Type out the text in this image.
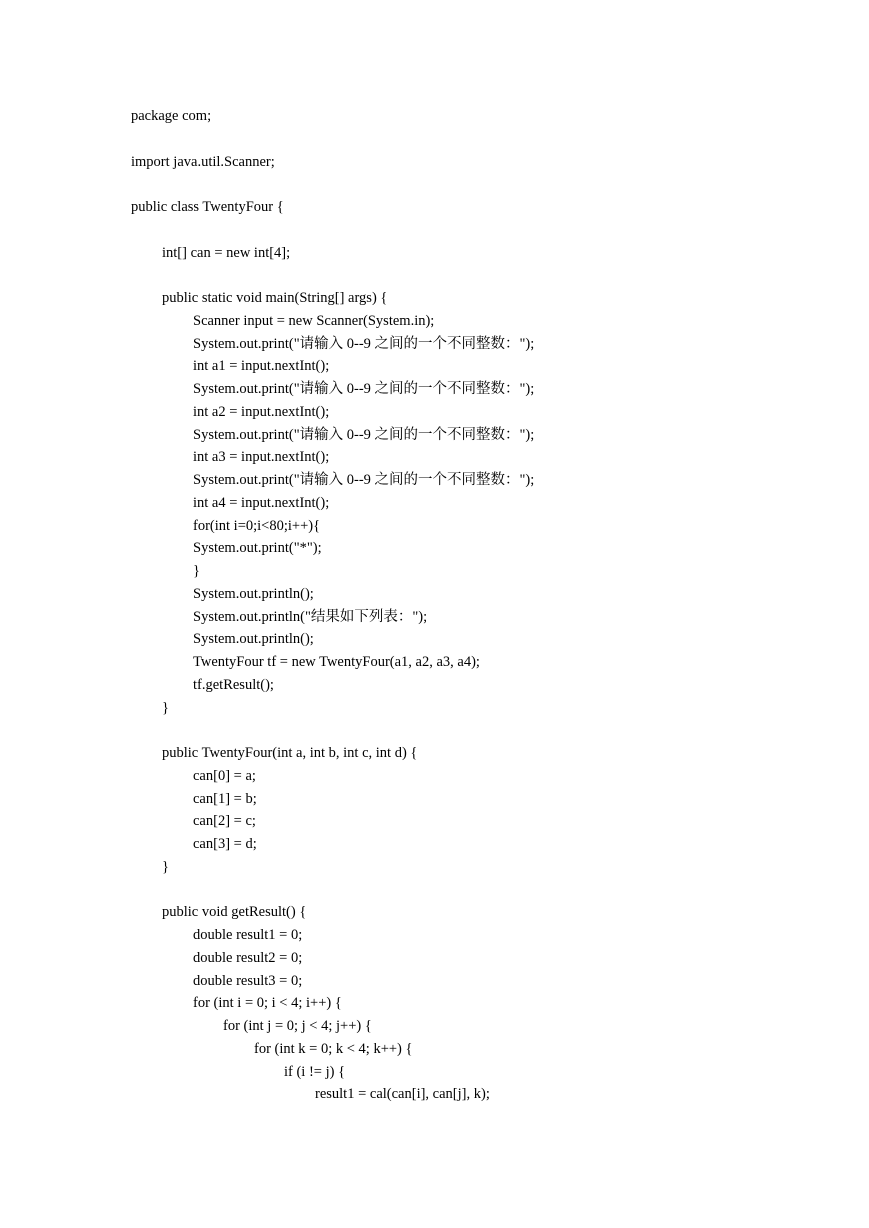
package com;
import java.util.Scanner;
public class TwentyFour {
int[] can = new int[4];
public static void main(String[] args) {
Scanner input = new Scanner(System.in);
System.out.print("请输入 0--9 之间的一个不同整数：");
int a1 = input.nextInt();
System.out.print("请输入 0--9 之间的一个不同整数：");
int a2 = input.nextInt();
System.out.print("请输入 0--9 之间的一个不同整数：");
int a3 = input.nextInt();
System.out.print("请输入 0--9 之间的一个不同整数：");
int a4 = input.nextInt();
for(int i=0;i<80;i++){
System.out.print("*");
}
System.out.println();
System.out.println("结果如下列表：");
System.out.println();
TwentyFour tf = new TwentyFour(a1, a2, a3, a4);
tf.getResult();
}
public TwentyFour(int a, int b, int c, int d) {
can[0] = a;
can[1] = b;
can[2] = c;
can[3] = d;
}
public void getResult() {
double result1 = 0;
double result2 = 0;
double result3 = 0;
for (int i = 0; i < 4; i++) {
for (int j = 0; j < 4; j++) {
for (int k = 0; k < 4; k++) {
if (i != j) {
result1 = cal(can[i], can[j], k);
